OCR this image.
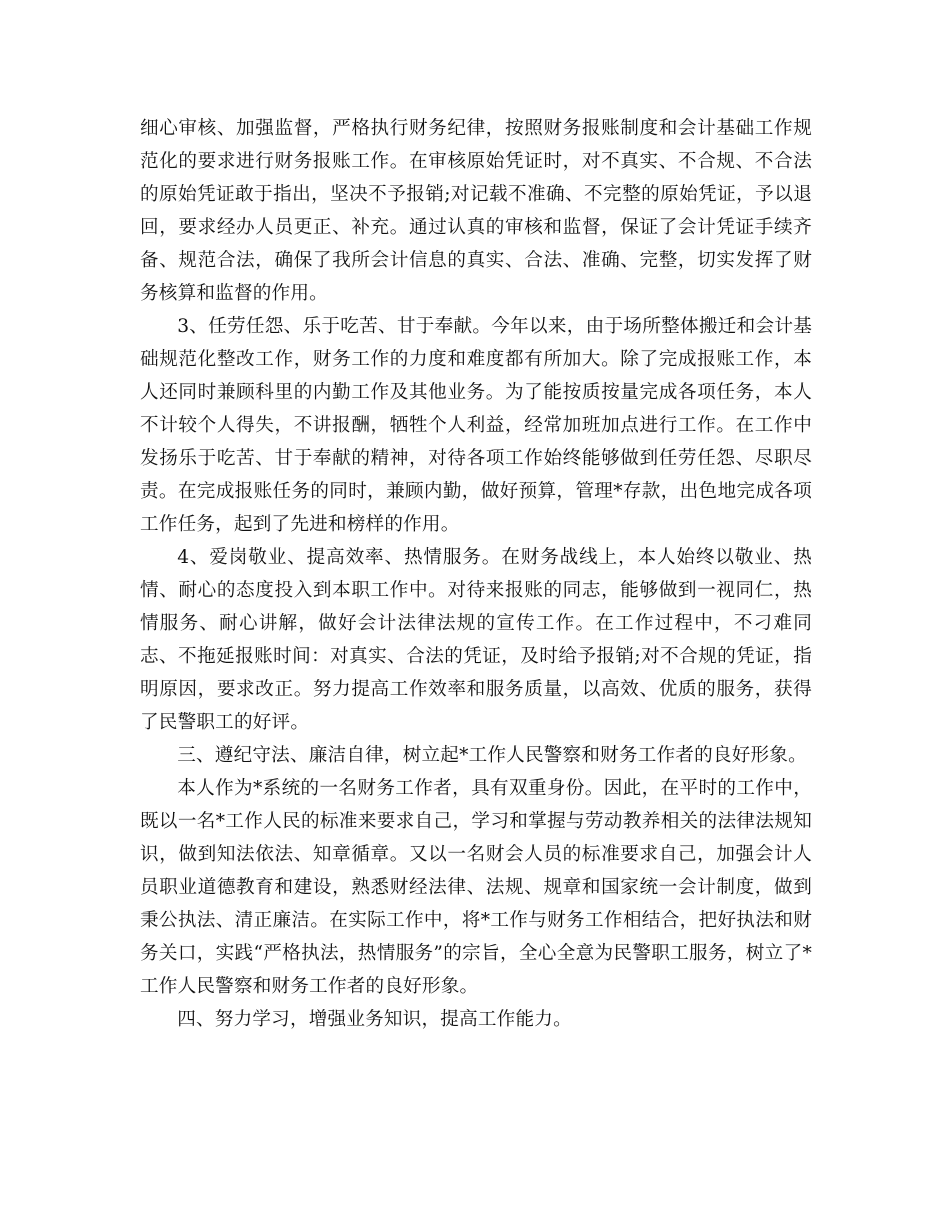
细心审核、加强监督，严格执行财务纪律，按照财务报账制度和会计基础工作规范化的要求进行财务报账工作。在审核原始凭证时，对不真实、不合规、不合法的原始凭证敢于指出，坚决不予报销;对记载不准确、不完整的原始凭证，予以退回，要求经办人员更正、补充。通过认真的审核和监督，保证了会计凭证手续齐备、规范合法，确保了我所会计信息的真实、合法、准确、完整，切实发挥了财务核算和监督的作用。

3、任劳任怨、乐于吃苦、甘于奉献。今年以来，由于场所整体搬迁和会计基础规范化整改工作，财务工作的力度和难度都有所加大。除了完成报账工作，本人还同时兼顾科里的内勤工作及其他业务。为了能按质按量完成各项任务，本人不计较个人得失，不讲报酬，牺牲个人利益，经常加班加点进行工作。在工作中发扬乐于吃苦、甘于奉献的精神，对待各项工作始终能够做到任劳任怨、尽职尽责。在完成报账任务的同时，兼顾内勤，做好预算，管理*存款，出色地完成各项工作任务，起到了先进和榜样的作用。

4、爱岗敬业、提高效率、热情服务。在财务战线上，本人始终以敬业、热情、耐心的态度投入到本职工作中。对待来报账的同志，能够做到一视同仁，热情服务、耐心讲解，做好会计法律法规的宣传工作。在工作过程中，不刁难同志、不拖延报账时间：对真实、合法的凭证，及时给予报销;对不合规的凭证，指明原因，要求改正。努力提高工作效率和服务质量，以高效、优质的服务，获得了民警职工的好评。

三、遵纪守法、廉洁自律，树立起*工作人民警察和财务工作者的良好形象。

本人作为*系统的一名财务工作者，具有双重身份。因此，在平时的工作中，既以一名*工作人民的标准来要求自己，学习和掌握与劳动教养相关的法律法规知识，做到知法依法、知章循章。又以一名财会人员的标准要求自己，加强会计人员职业道德教育和建设，熟悉财经法律、法规、规章和国家统一会计制度，做到秉公执法、清正廉洁。在实际工作中，将*工作与财务工作相结合，把好执法和财务关口，实践“严格执法，热情服务”的宗旨，全心全意为民警职工服务，树立了*工作人民警察和财务工作者的良好形象。

四、努力学习，增强业务知识，提高工作能力。
